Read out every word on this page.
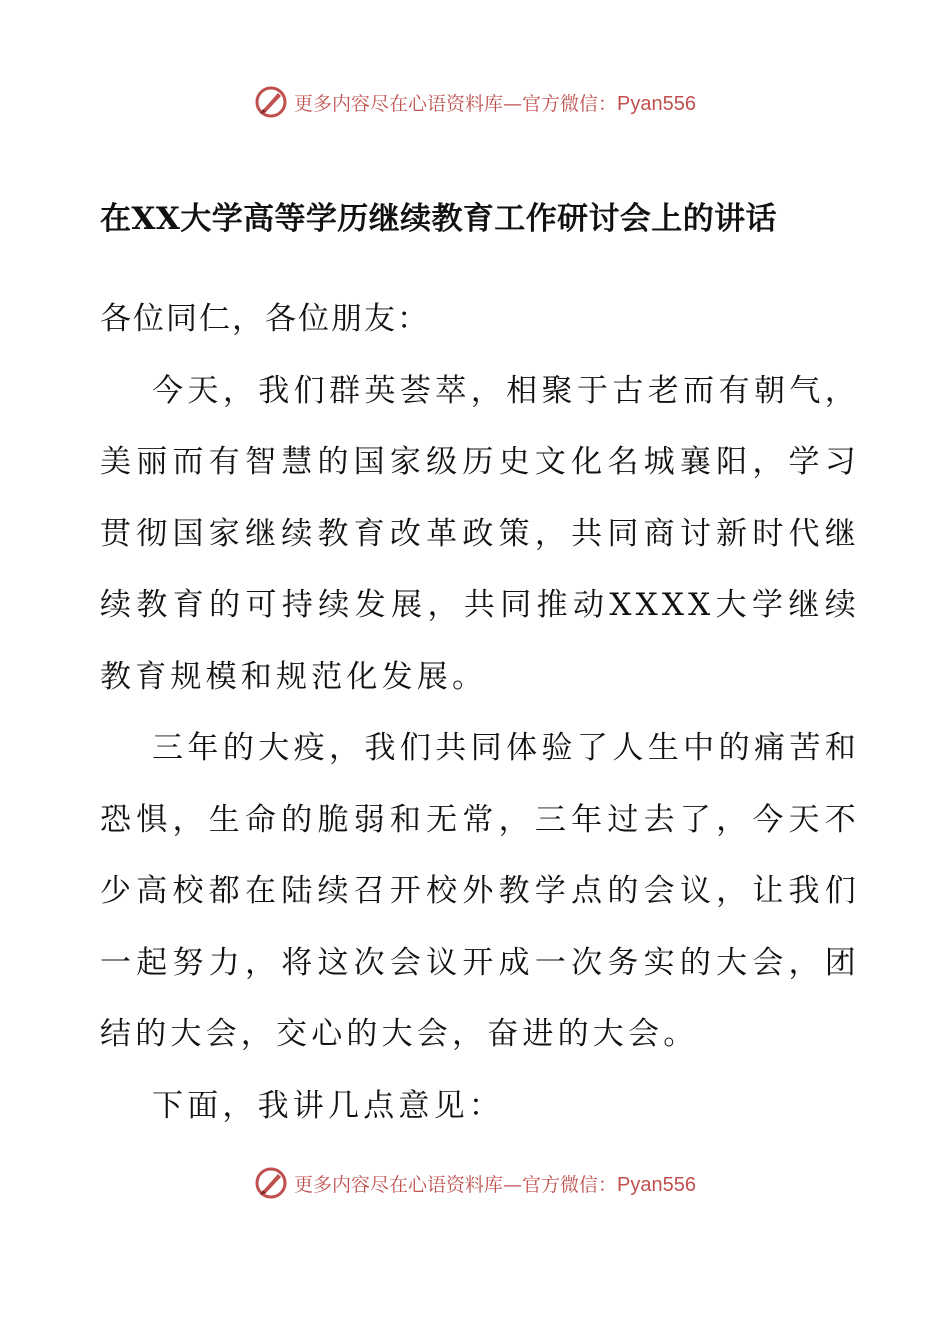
更多内容尽在心语资料库—官方微信：Pyan556
在XX大学高等学历继续教育工作研讨会上的讲话

各位同仁，各位朋友：

今天，我们群英荟萃，相聚于古老而有朝气，美丽而有智慧的国家级历史文化名城襄阳，学习贯彻国家继续教育改革政策，共同商讨新时代继续教育的可持续发展，共同推动XXXX大学继续教育规模和规范化发展。

三年的大疫，我们共同体验了人生中的痛苦和恐惧，生命的脆弱和无常，三年过去了，今天不少高校都在陆续召开校外教学点的会议，让我们一起努力，将这次会议开成一次务实的大会，团结的大会，交心的大会，奋进的大会。

下面，我讲几点意见：

更多内容尽在心语资料库—官方微信：Pyan556
